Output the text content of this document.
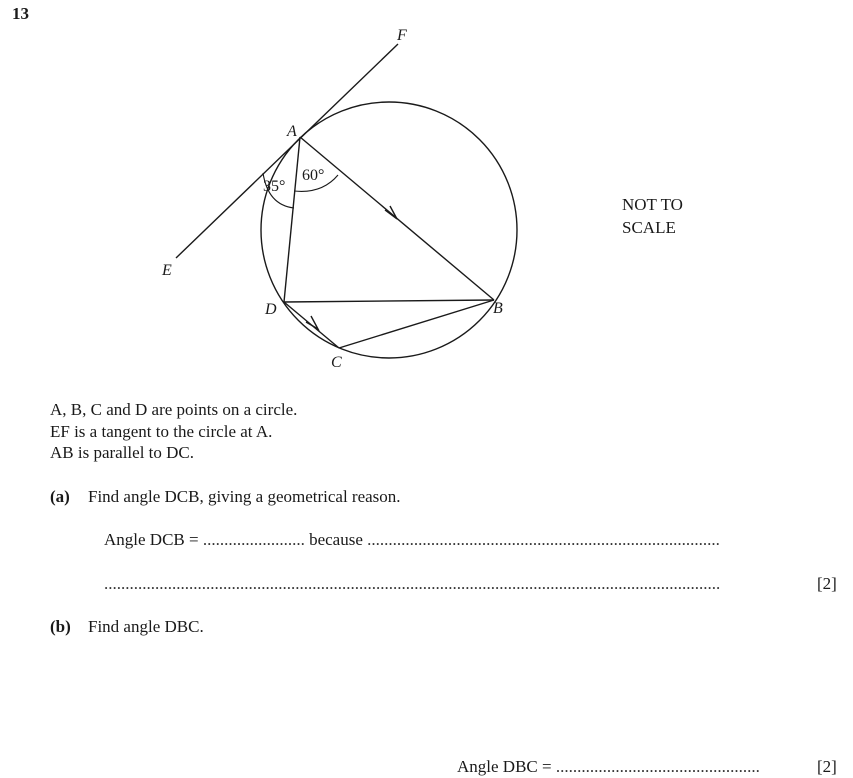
13
A
B
C
D
E
F
35°
60°
NOT TO
SCALE
A, B, C and D are points on a circle.
EF is a tangent to the circle at A.
AB is parallel to DC.
(a) Find angle DCB, giving a geometrical reason.
Angle DCB = ........................ because ...................................................................................
.................................................................................................................................................	[2]
(b) Find angle DBC.
Angle DBC = ................................................	[2]
